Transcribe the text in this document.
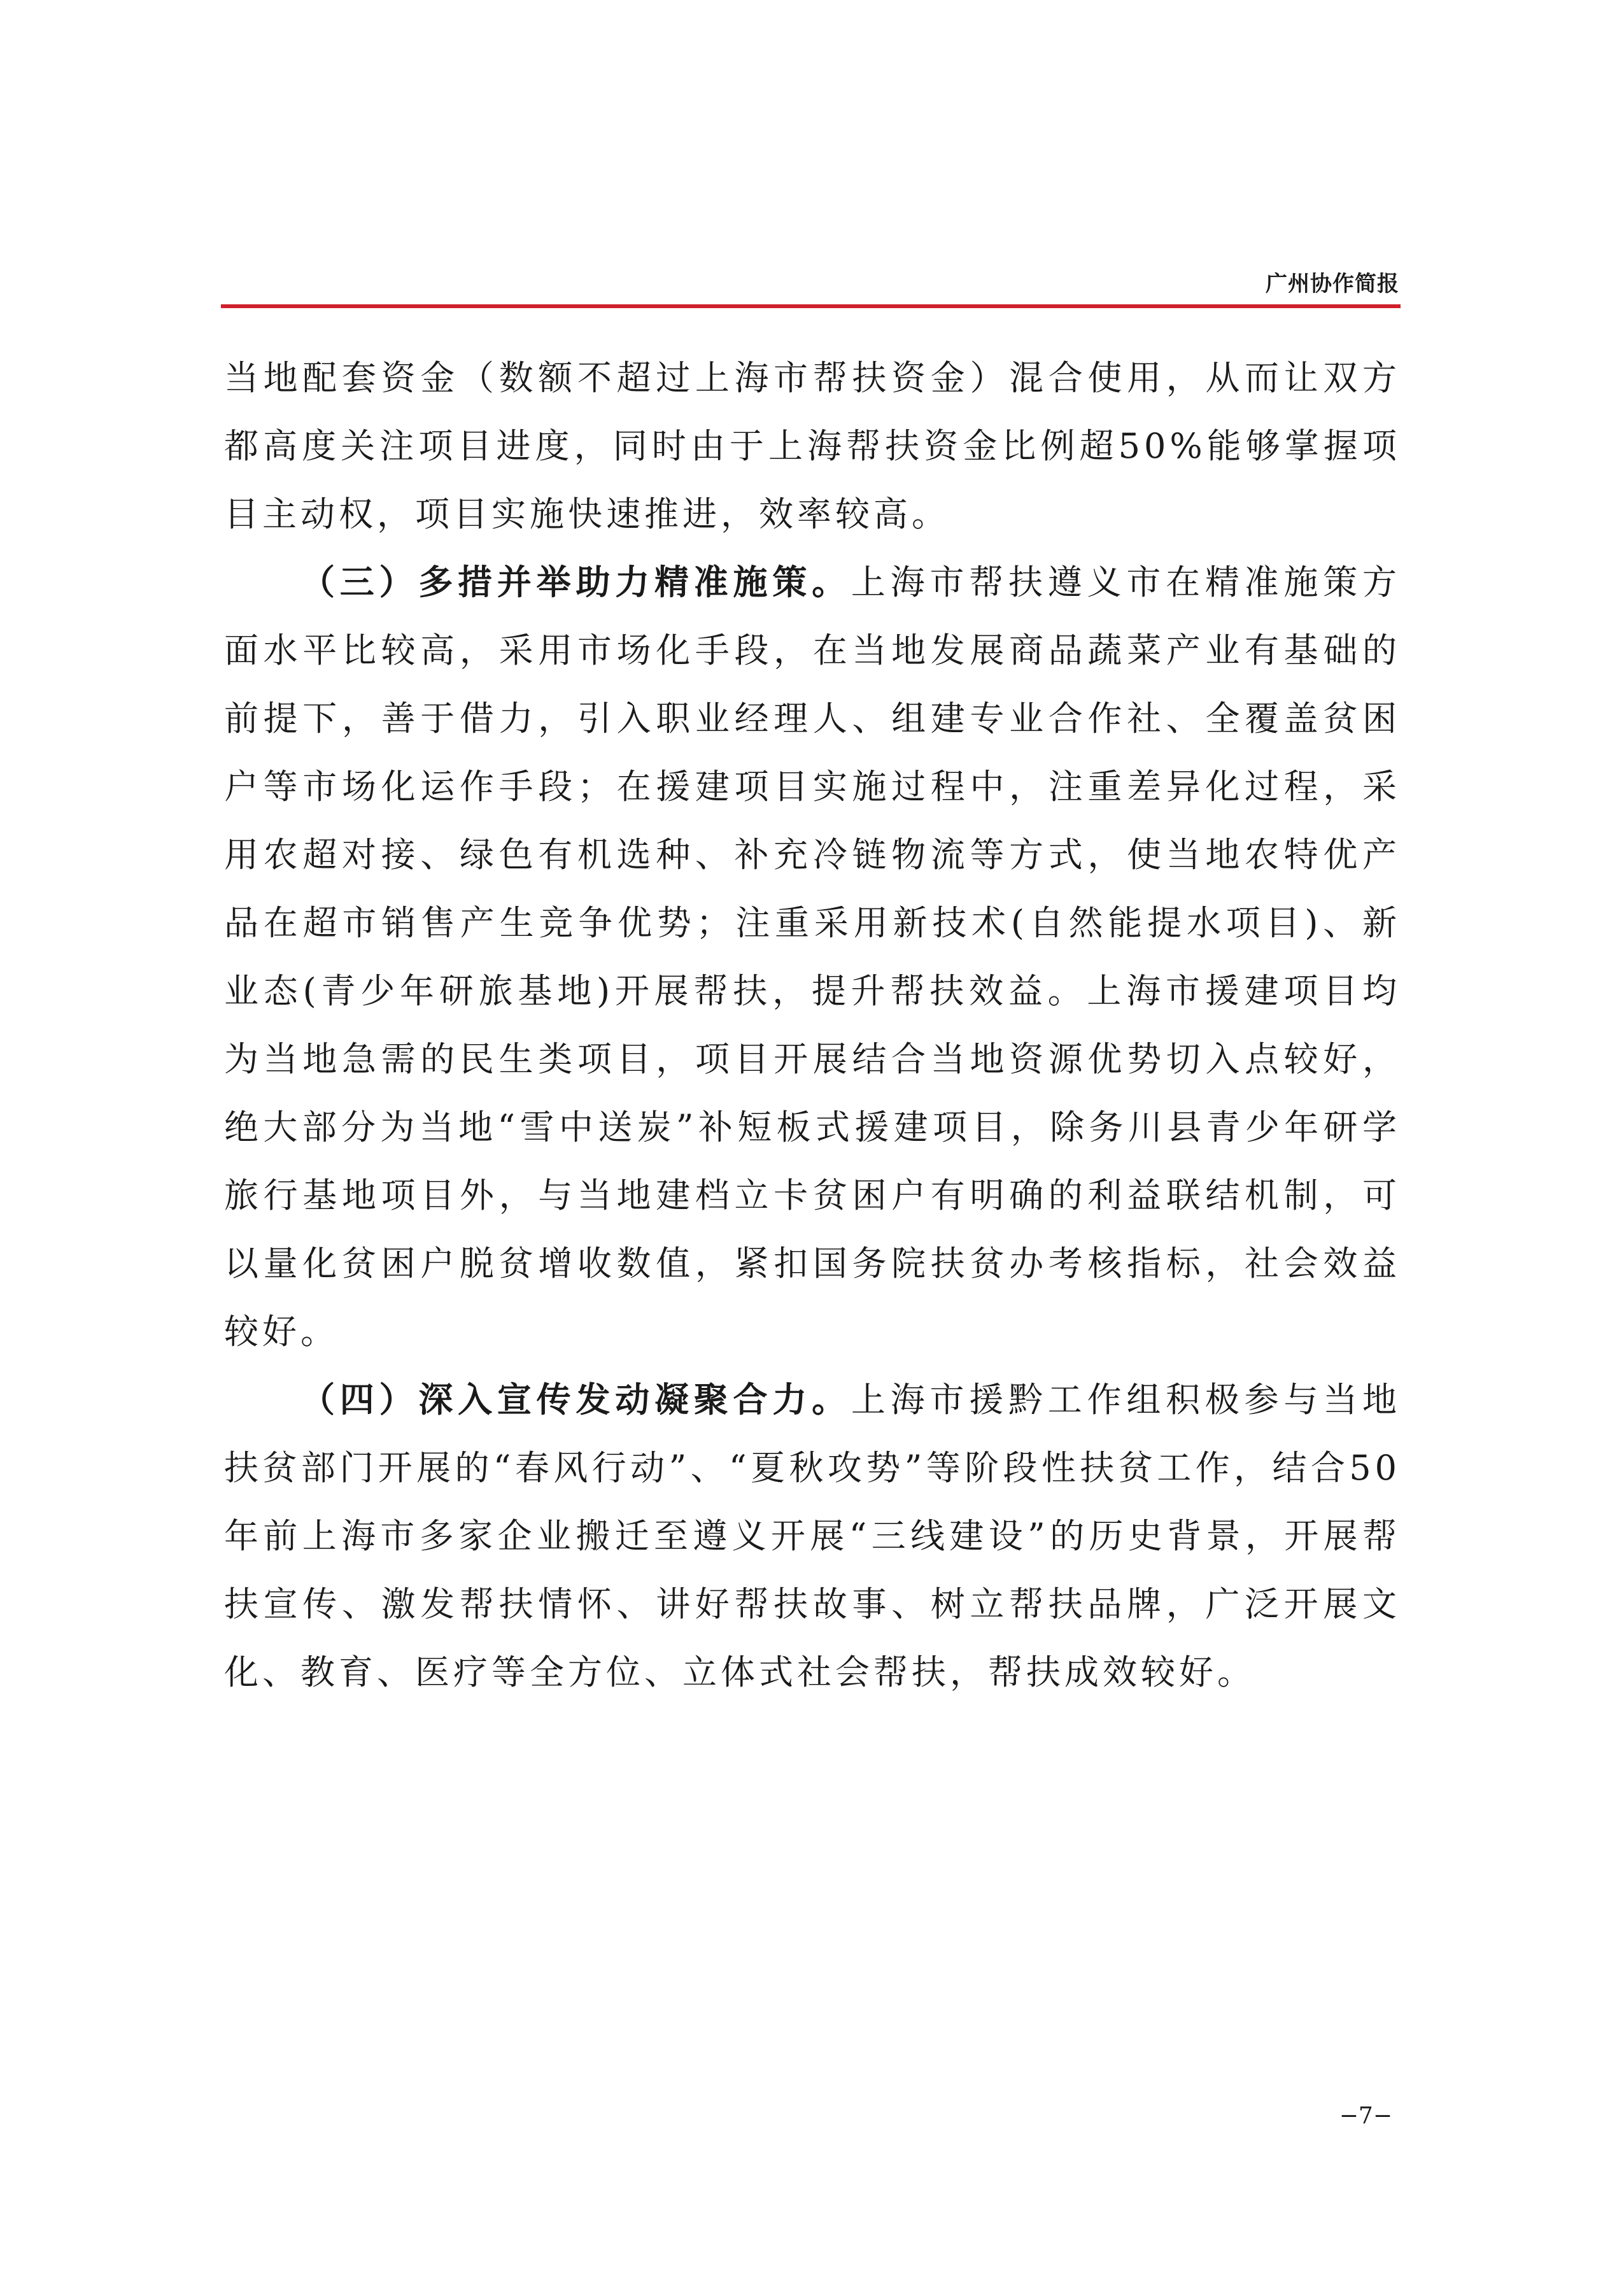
广州协作简报

当地配套资金（数额不超过上海市帮扶资金）混合使用，从而让双方都高度关注项目进度，同时由于上海帮扶资金比例超50%能够掌握项目主动权，项目实施快速推进，效率较高。

（三）多措并举助力精准施策。上海市帮扶遵义市在精准施策方面水平比较高，采用市场化手段，在当地发展商品蔬菜产业有基础的前提下，善于借力，引入职业经理人、组建专业合作社、全覆盖贫困户等市场化运作手段；在援建项目实施过程中，注重差异化过程，采用农超对接、绿色有机选种、补充冷链物流等方式，使当地农特优产品在超市销售产生竞争优势；注重采用新技术(自然能提水项目)、新业态(青少年研旅基地)开展帮扶，提升帮扶效益。上海市援建项目均为当地急需的民生类项目，项目开展结合当地资源优势切入点较好，绝大部分为当地“雪中送炭”补短板式援建项目，除务川县青少年研学旅行基地项目外，与当地建档立卡贫困户有明确的利益联结机制，可以量化贫困户脱贫增收数值，紧扣国务院扶贫办考核指标，社会效益较好。

（四）深入宣传发动凝聚合力。上海市援黔工作组积极参与当地扶贫部门开展的“春风行动”、“夏秋攻势”等阶段性扶贫工作，结合50年前上海市多家企业搬迁至遵义开展“三线建设”的历史背景，开展帮扶宣传、激发帮扶情怀、讲好帮扶故事、树立帮扶品牌，广泛开展文化、教育、医疗等全方位、立体式社会帮扶，帮扶成效较好。

−7−
